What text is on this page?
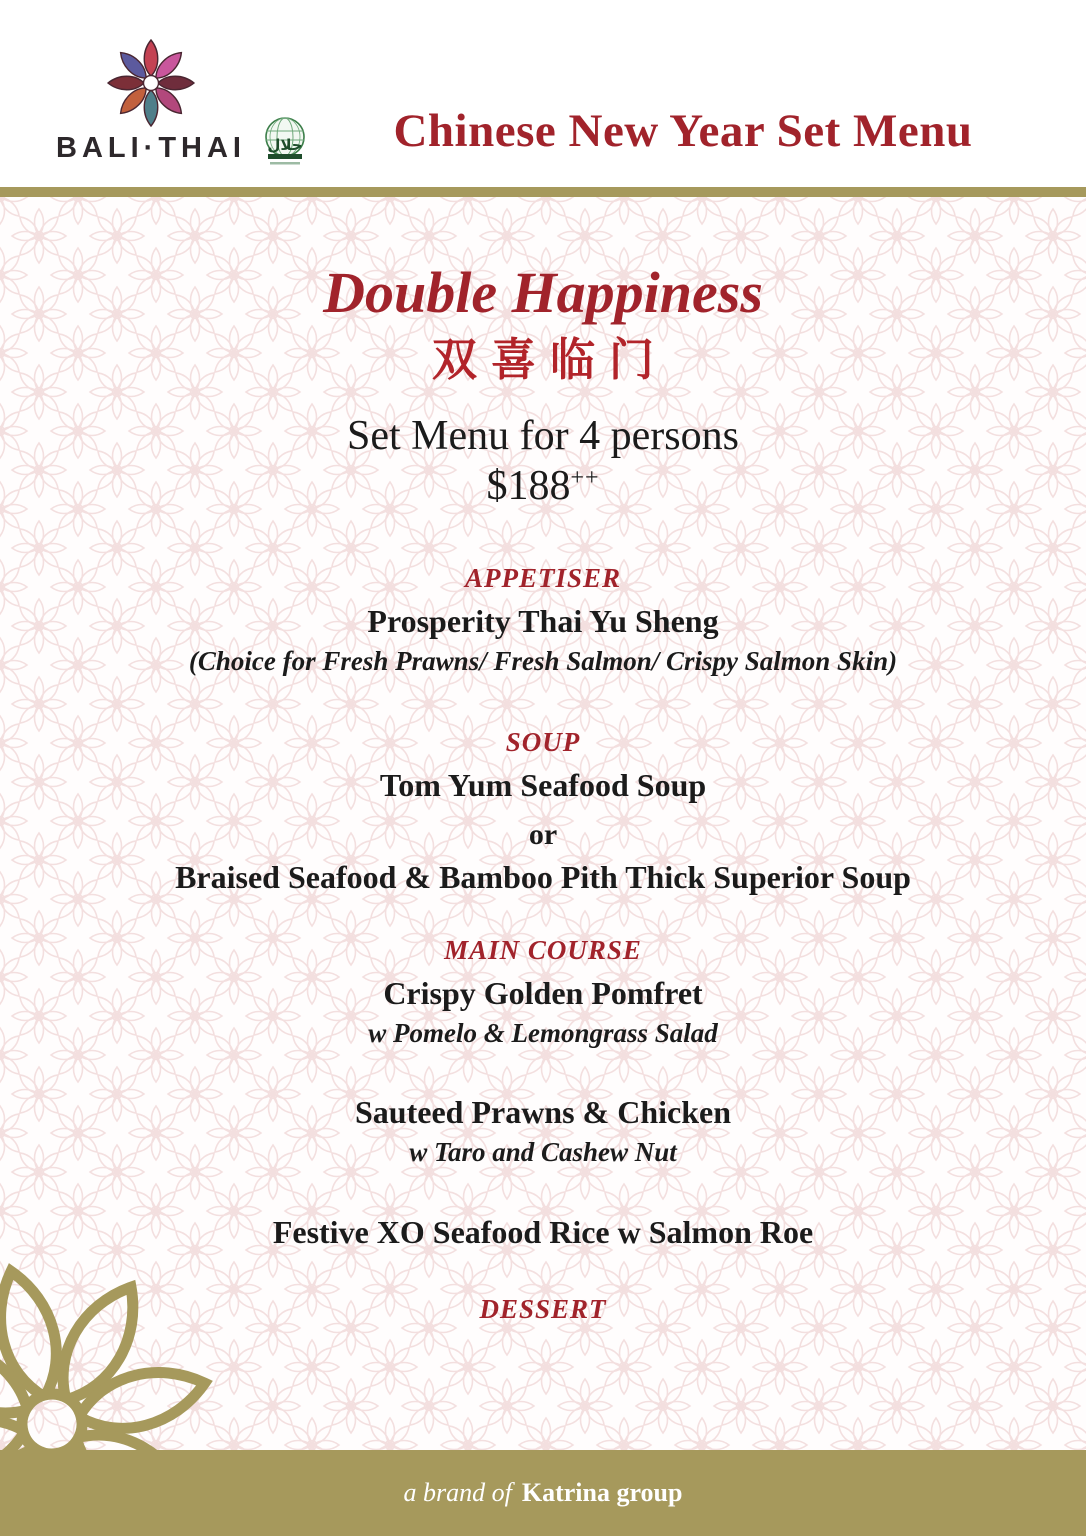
BALI·THAI	حلال	Chinese New Year Set Menu
Double Happiness
双喜临门
Set Menu for 4 persons
$188++
APPETISER
Prosperity Thai Yu Sheng
(Choice for Fresh Prawns/ Fresh Salmon/ Crispy Salmon Skin)
SOUP
Tom Yum Seafood Soup
or
Braised Seafood & Bamboo Pith Thick Superior Soup
MAIN COURSE
Crispy Golden Pomfret
w Pomelo & Lemongrass Salad
Sauteed Prawns & Chicken
w Taro and Cashew Nut
Festive XO Seafood Rice w Salmon Roe
DESSERT
a brand of Katrina group
